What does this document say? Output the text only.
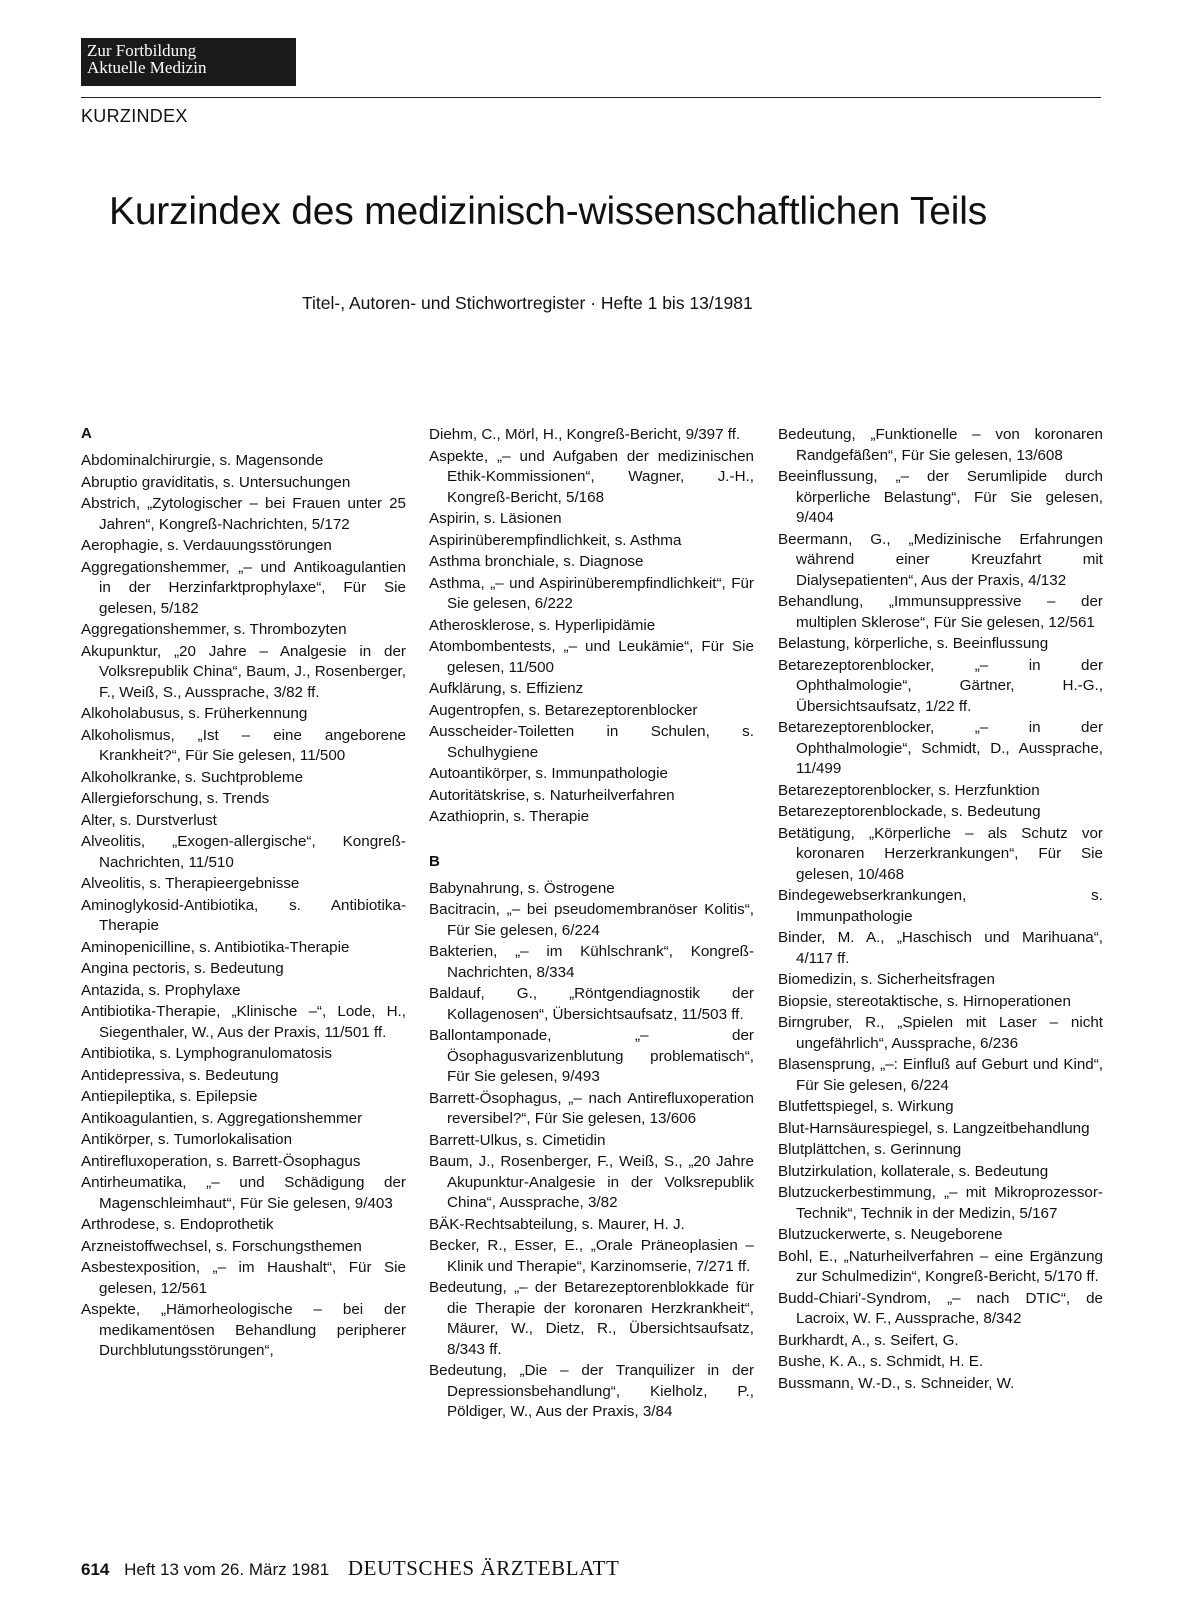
Zur Fortbildung
Aktuelle Medizin
KURZINDEX
Kurzindex des medizinisch-wissenschaftlichen Teils
Titel-, Autoren- und Stichwortregister · Hefte 1 bis 13/1981
A
Abdominalchirurgie, s. Magensonde
Abruptio graviditatis, s. Untersuchungen
Abstrich, „Zytologischer – bei Frauen unter 25 Jahren“, Kongreß-Nachrichten, 5/172
Aerophagie, s. Verdauungsstörungen
Aggregationshemmer, „– und Antikoagulantien in der Herzinfarktprophylaxe“, Für Sie gelesen, 5/182
Aggregationshemmer, s. Thrombozyten
Akupunktur, „20 Jahre – Analgesie in der Volksrepublik China“, Baum, J., Rosenberger, F., Weiß, S., Aussprache, 3/82 ff.
Alkoholabusus, s. Früherkennung
Alkoholismus, „Ist – eine angeborene Krankheit?“, Für Sie gelesen, 11/500
Alkoholkranke, s. Suchtprobleme
Allergieforschung, s. Trends
Alter, s. Durstverlust
Alveolitis, „Exogen-allergische“, Kongreß-Nachrichten, 11/510
Alveolitis, s. Therapieergebnisse
Aminoglykosid-Antibiotika, s. Antibiotika-Therapie
Aminopenicilline, s. Antibiotika-Therapie
Angina pectoris, s. Bedeutung
Antazida, s. Prophylaxe
Antibiotika-Therapie, „Klinische –“, Lode, H., Siegenthaler, W., Aus der Praxis, 11/501 ff.
Antibiotika, s. Lymphogranulomatosis
Antidepressiva, s. Bedeutung
Antiepileptika, s. Epilepsie
Antikoagulantien, s. Aggregationshemmer
Antikörper, s. Tumorlokalisation
Antirefluxoperation, s. Barrett-Ösophagus
Antirheumatika, „– und Schädigung der Magenschleimhaut“, Für Sie gelesen, 9/403
Arthrodese, s. Endoprothetik
Arzneistoffwechsel, s. Forschungsthemen
Asbestexposition, „– im Haushalt“, Für Sie gelesen, 12/561
Aspekte, „Hämorheologische – bei der medikamentösen Behandlung peripherer Durchblutungsstörungen“,
Diehm, C., Mörl, H., Kongreß-Bericht, 9/397 ff.
Aspekte, „– und Aufgaben der medizinischen Ethik-Kommissionen“, Wagner, J.-H., Kongreß-Bericht, 5/168
Aspirin, s. Läsionen
Aspirinüberempfindlichkeit, s. Asthma
Asthma bronchiale, s. Diagnose
Asthma, „– und Aspirinüberempfindlichkeit“, Für Sie gelesen, 6/222
Atherosklerose, s. Hyperlipidämie
Atombombentests, „– und Leukämie“, Für Sie gelesen, 11/500
Aufklärung, s. Effizienz
Augentropfen, s. Betarezeptorenblocker
Ausscheider-Toiletten in Schulen, s. Schulhygiene
Autoantikörper, s. Immunpathologie
Autoritätskrise, s. Naturheilverfahren
Azathioprin, s. Therapie
B
Babynahrung, s. Östrogene
Bacitracin, „– bei pseudomembranöser Kolitis“, Für Sie gelesen, 6/224
Bakterien, „– im Kühlschrank“, Kongreß-Nachrichten, 8/334
Baldauf, G., „Röntgendiagnostik der Kollagenosen“, Übersichtsaufsatz, 11/503 ff.
Ballontamponade, „– der Ösophagusvarizenblutung problematisch“, Für Sie gelesen, 9/493
Barrett-Ösophagus, „– nach Antirefluxoperation reversibel?“, Für Sie gelesen, 13/606
Barrett-Ulkus, s. Cimetidin
Baum, J., Rosenberger, F., Weiß, S., „20 Jahre Akupunktur-Analgesie in der Volksrepublik China“, Aussprache, 3/82
BÄK-Rechtsabteilung, s. Maurer, H. J.
Becker, R., Esser, E., „Orale Präneoplasien – Klinik und Therapie“, Karzinomserie, 7/271 ff.
Bedeutung, „– der Betarezeptorenblokkade für die Therapie der koronaren Herzkrankheit“, Mäurer, W., Dietz, R., Übersichtsaufsatz, 8/343 ff.
Bedeutung, „Die – der Tranquilizer in der Depressionsbehandlung“, Kielholz, P., Pöldiger, W., Aus der Praxis, 3/84
Bedeutung, „Funktionelle – von koronaren Randgefäßen“, Für Sie gelesen, 13/608
Beeinflussung, „– der Serumlipide durch körperliche Belastung“, Für Sie gelesen, 9/404
Beermann, G., „Medizinische Erfahrungen während einer Kreuzfahrt mit Dialysepatienten“, Aus der Praxis, 4/132
Behandlung, „Immunsuppressive – der multiplen Sklerose“, Für Sie gelesen, 12/561
Belastung, körperliche, s. Beeinflussung
Betarezeptorenblocker, „– in der Ophthalmologie“, Gärtner, H.-G., Übersichtsaufsatz, 1/22 ff.
Betarezeptorenblocker, „– in der Ophthalmologie“, Schmidt, D., Aussprache, 11/499
Betarezeptorenblocker, s. Herzfunktion
Betarezeptorenblockade, s. Bedeutung
Betätigung, „Körperliche – als Schutz vor koronaren Herzerkrankungen“, Für Sie gelesen, 10/468
Bindegewebserkrankungen, s. Immunpathologie
Binder, M. A., „Haschisch und Marihuana“, 4/117 ff.
Biomedizin, s. Sicherheitsfragen
Biopsie, stereotaktische, s. Hirnoperationen
Birngruber, R., „Spielen mit Laser – nicht ungefährlich“, Aussprache, 6/236
Blasensprung, „–: Einfluß auf Geburt und Kind“, Für Sie gelesen, 6/224
Blutfettspiegel, s. Wirkung
Blut-Harnsäurespiegel, s. Langzeitbehandlung
Blutplättchen, s. Gerinnung
Blutzirkulation, kollaterale, s. Bedeutung
Blutzuckerbestimmung, „– mit Mikroprozessor-Technik“, Technik in der Medizin, 5/167
Blutzuckerwerte, s. Neugeborene
Bohl, E., „Naturheilverfahren – eine Ergänzung zur Schulmedizin“, Kongreß-Bericht, 5/170 ff.
Budd-Chiari'-Syndrom, „– nach DTIC“, de Lacroix, W. F., Aussprache, 8/342
Burkhardt, A., s. Seifert, G.
Bushe, K. A., s. Schmidt, H. E.
Bussmann, W.-D., s. Schneider, W.
614 Heft 13 vom 26. März 1981 DEUTSCHES ÄRZTEBLATT
